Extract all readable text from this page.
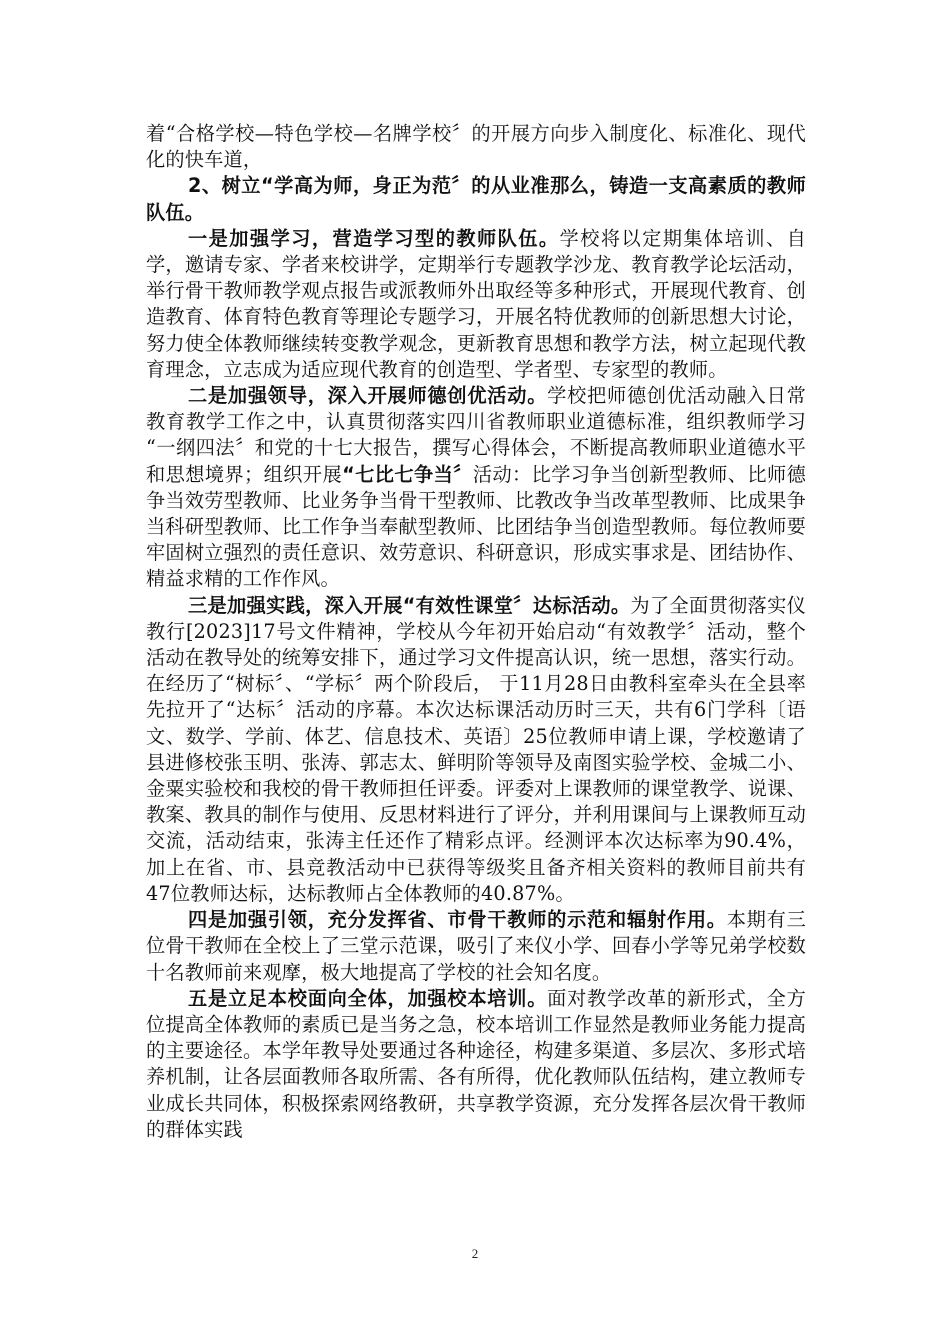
着“合格学校—特色学校—名牌学校〞的开展方向步入制度化、标准化、现代化的快车道，

2、树立“学高为师，身正为范〞的从业准那么，铸造一支高素质的教师队伍。

一是加强学习，营造学习型的教师队伍。学校将以定期集体培训、自学，邀请专家、学者来校讲学，定期举行专题教学沙龙、教育教学论坛活动，举行骨干教师教学观点报告或派教师外出取经等多种形式，开展现代教育、创造教育、体育特色教育等理论专题学习，开展名特优教师的创新思想大讨论，努力使全体教师继续转变教学观念，更新教育思想和教学方法，树立起现代教育理念，立志成为适应现代教育的创造型、学者型、专家型的教师。

二是加强领导，深入开展师德创优活动。学校把师德创优活动融入日常教育教学工作之中，认真贯彻落实四川省教师职业道德标准，组织教师学习 “一纲四法〞和党的十七大报告，撰写心得体会，不断提高教师职业道德水平和思想境界；组织开展“七比七争当〞活动：比学习争当创新型教师、比师德争当效劳型教师、比业务争当骨干型教师、比教改争当改革型教师、比成果争当科研型教师、比工作争当奉献型教师、比团结争当创造型教师。每位教师要牢固树立强烈的责任意识、效劳意识、科研意识，形成实事求是、团结协作、精益求精的工作作风。

三是加强实践，深入开展“有效性课堂〞达标活动。为了全面贯彻落实仪教行[2023]17号文件精神，学校从今年初开始启动“有效教学〞活动，整个活动在教导处的统筹安排下，通过学习文件提高认识，统一思想，落实行动。在经历了“树标〞、“学标〞两个阶段后， 于11月28日由教科室牵头在全县率先拉开了“达标〞活动的序幕。本次达标课活动历时三天，共有6门学科〔语文、数学、学前、体艺、信息技术、英语〕25位教师申请上课，学校邀请了县进修校张玉明、张涛、郭志太、鲜明阶等领导及南图实验学校、金城二小、金粟实验校和我校的骨干教师担任评委。评委对上课教师的课堂教学、说课、教案、教具的制作与使用、反思材料进行了评分，并利用课间与上课教师互动交流，活动结束，张涛主任还作了精彩点评。经测评本次达标率为90.4%，加上在省、市、县竞教活动中已获得等级奖且备齐相关资料的教师目前共有47位教师达标，达标教师占全体教师的40.87%。

四是加强引领，充分发挥省、市骨干教师的示范和辐射作用。本期有三位骨干教师在全校上了三堂示范课，吸引了来仪小学、回春小学等兄弟学校数十名教师前来观摩，极大地提高了学校的社会知名度。

五是立足本校面向全体，加强校本培训。面对教学改革的新形式，全方位提高全体教师的素质已是当务之急，校本培训工作显然是教师业务能力提高的主要途径。本学年教导处要通过各种途径，构建多渠道、多层次、多形式培养机制，让各层面教师各取所需、各有所得，优化教师队伍结构，建立教师专业成长共同体，积极探索网络教研，共享教学资源，充分发挥各层次骨干教师的群体实践

2
